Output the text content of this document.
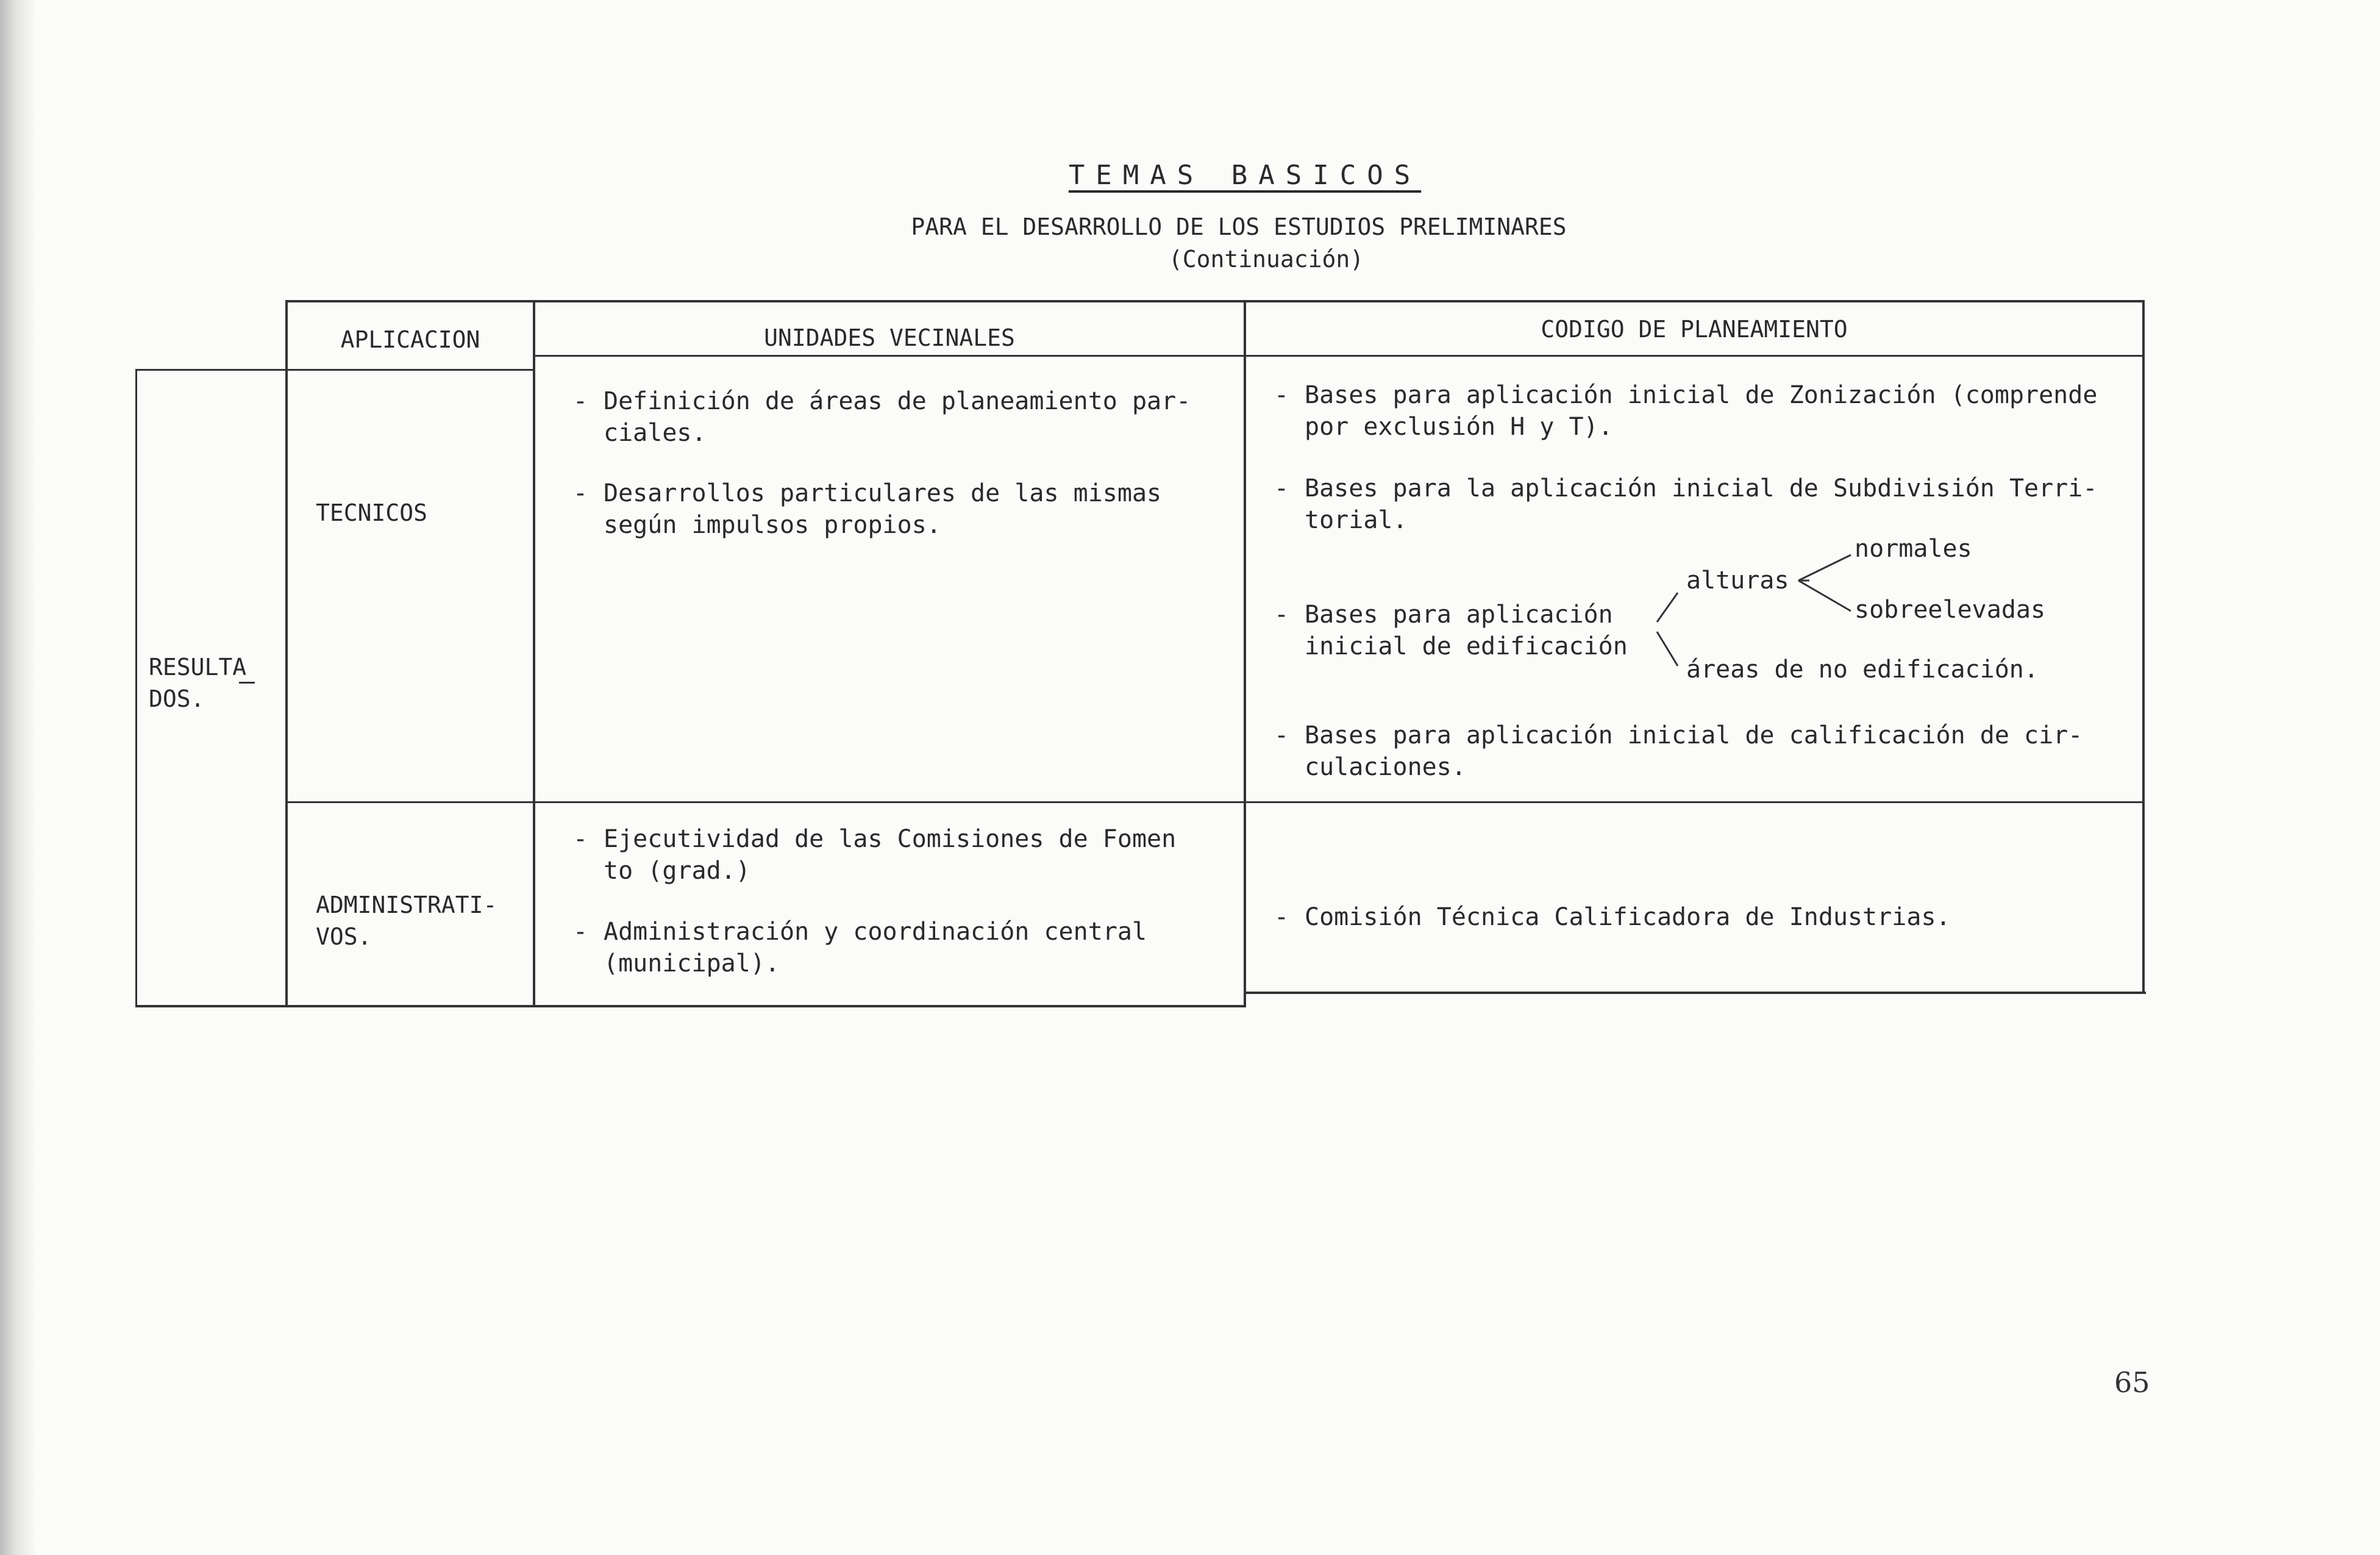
TEMAS BASICOS
PARA EL DESARROLLO DE LOS ESTUDIOS PRELIMINARES
(Continuación)
APLICACION	UNIDADES VECINALES	CODIGO DE PLANEAMIENTO
RESULTA
DOS.
TECNICOS
- Definición de áreas de planeamiento par-
ciales.
- Desarrollos particulares de las mismas
según impulsos propios.
- Bases para aplicación inicial de Zonización (comprende
por exclusión H y T).
- Bases para la aplicación inicial de Subdivisión Terri-
torial.
- Bases para aplicación
inicial de edificación
alturas
normales
sobreelevadas
áreas de no edificación.
- Bases para aplicación inicial de calificación de cir-
culaciones.
ADMINISTRATI-
VOS.
- Ejecutividad de las Comisiones de Fomen
to (grad.)
- Administración y coordinación central
(municipal).
- Comisión Técnica Calificadora de Industrias.
65
